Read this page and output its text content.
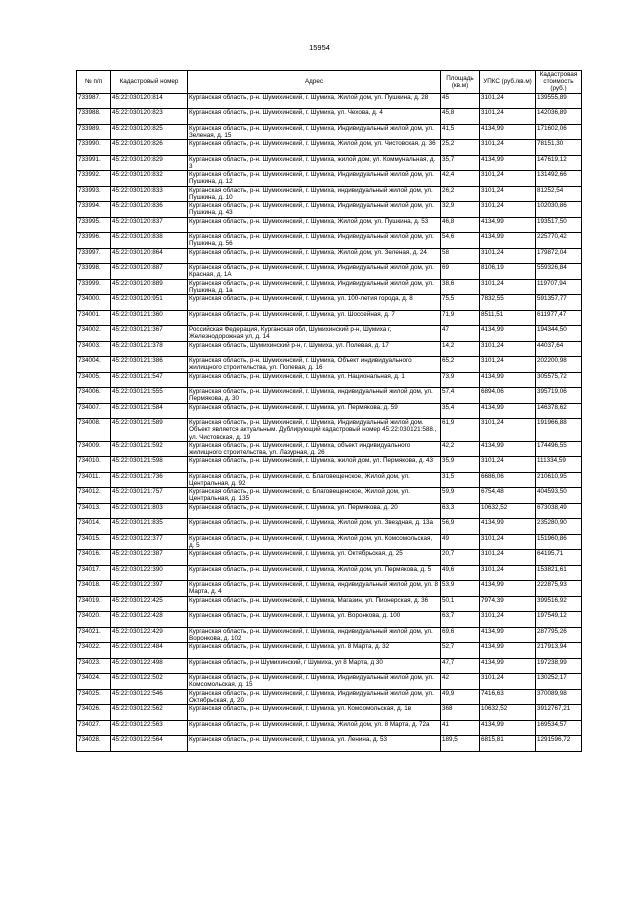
15954
№ п/п	Кадастровый номер	Адрес	Площадь (кв.м)	УПКС (руб./кв.м)	Кадастровая стоимость (руб.)
733987.	45:22:030120:814	Курганская область, р-н. Шумихинский, г. Шумиха, Жилой дом, ул. Пушкина, д. 28	45	3101,24	139555,89
733988.	45:22:030120:823	Курганская область, р-н. Шумихинский, г. Шумиха, ул. Чехова, д. 4	45,8	3101,24	142036,89
733989.	45:22:030120:825	Курганская область, р-н. Шумихинский, г. Шумиха, Индивидуальный жилой дом, ул. Зеленая, д. 15	41,5	4134,99	171602,06
733990.	45:22:030120:826	Курганская область, р-н. Шумихинский, г. Шумиха, Жилой дом, ул. Чистовская, д. 36	25,2	3101,24	78151,30
733991.	45:22:030120:829	Курганская область, р-н. Шумихинский, г. Шумиха, жилой дом, ул. Коммунальная, д. 3	35,7	4134,99	147619,12
733992.	45:22:030120:832	Курганская область, р-н. Шумихинский, г. Шумиха, Индивидуальный жилой дом, ул. Пушкина, д. 12	42,4	3101,24	131492,66
733993.	45:22:030120:833	Курганская область, р-н. Шумихинский, г. Шумиха, индивидуальный жилой дом, ул. Пушкина, д. 10	26,2	3101,24	81252,54
733994.	45:22:030120:836	Курганская область, р-н. Шумихинский, г. Шумиха, Индивидуальный жилой дом, ул. Пушкина, д. 43	32,9	3101,24	102030,86
733995.	45:22:030120:837	Курганская область, р-н. Шумихинский, г. Шумиха, Жилой дом, ул. Пушкина, д. 53	46,8	4134,99	193517,50
733996.	45:22:030120:838	Курганская область, р-н. Шумихинский, г. Шумиха, Индивидуальный жилой дом, ул. Пушкина, д. 56	54,6	4134,99	225770,42
733997.	45:22:030120:864	Курганская область, р-н. Шумихинский, г. Шумиха, Жилой дом, ул. Зеленая, д. 24	58	3101,24	179872,04
733998.	45:22:030120:887	Курганская область, р-н. Шумихинский, г. Шумиха, Индивидуальный жилой дом, ул. Красная, д. 1А	69	8106,19	559326,84
733999.	45:22:030120:889	Курганская область, р-н. Шумихинский, г. Шумиха, Индивидуальный жилой дом, ул. Пушкина, д. 1а	38,6	3101,24	119707,94
734000.	45:22:030120:951	Курганская область, р-н. Шумихинский, г. Шумиха, ул. 100-летия города, д. 8	75,5	7832,55	591357,77
734001.	45:22:030121:360	Курганская область, р-н. Шумихинский, г. Шумиха, ул. Шоссейная, д. 7	71,9	8511,51	611977,47
734002.	45:22:030121:367	Российская Федерация, Курганская обл, Шумихинский р-н, Шумиха г, Железнодорожная ул, д. 14	47	4134,99	194344,50
734003.	45:22:030121:378	Курганская область, Шумихинский р-н, г. Шумиха, ул. Полевая, д. 17	14,2	3101,24	44037,64
734004.	45:22:030121:386	Курганская область, р-н. Шумихинский, г. Шумиха, Объект индивидуального жилищного строительства, ул. Полевая, д. 16	65,2	3101,24	202200,98
734005.	45:22:030121:547	Курганская область, р-н. Шумихинский, г. Шумиха, ул. Национальная, д. 1	73,9	4134,99	305575,72
734006.	45:22:030121:555	Курганская область, р-н. Шумихинский, г. Шумиха, индивидуальный жилой дом, ул. Пермякова, д. 30	57,4	6894,06	395719,06
734007.	45:22:030121:584	Курганская область, р-н. Шумихинский, г. Шумиха, ул. Пермякова, д. 59	35,4	4134,99	146378,62
734008.	45:22:030121:589	Курганская область, р-н. Шумихинский, г. Шумиха, Индивидуальный жилой дом. Объект является актуальным. Дублирующий кадастровый номер 45:22:030121:588., ул. Чистовская, д. 19	61,9	3101,24	191966,88
734009.	45:22:030121:592	Курганская область, р-н. Шумихинский, г. Шумиха, объект индивидуального жилищного строительства, ул. Лазурная, д. 26	42,2	4134,99	174496,55
734010.	45:22:030121:598	Курганская область, р-н. Шумихинский, г. Шумиха, жилой дом, ул. Пермякова, д. 43	35,9	3101,24	111334,59
734011.	45:22:030121:736	Курганская область, р-н. Шумихинский, с. Благовещенское, Жилой дом, ул. Центральная, д. 92	31,5	6686,06	210610,95
734012.	45:22:030121:757	Курганская область, р-н. Шумихинский, с. Благовещенское, Жилой дом, ул. Центральная, д. 135	59,9	6754,48	404593,50
734013.	45:22:030121:803	Курганская область, р-н. Шумихинский, г. Шумиха, ул. Пермякова, д. 20	63,3	10632,52	673038,49
734014.	45:22:030121:835	Курганская область, р-н. Шумихинский, г. Шумиха, Жилой дом, ул. Звездная, д. 13а	56,9	4134,99	235280,90
734015.	45:22:030122:377	Курганская область, р-н. Шумихинский, г. Шумиха, Жилой дом, ул. Комсомольская, д. 5	49	3101,24	151960,86
734016.	45:22:030122:387	Курганская область, р-н. Шумихинский, г. Шумиха, ул. Октябрьская, д. 25	20,7	3101,24	64195,71
734017.	45:22:030122:390	Курганская область, р-н. Шумихинский, г. Шумиха, Жилой дом, ул. Пермякова, д. 5	49,6	3101,24	153821,61
734018.	45:22:030122:397	Курганская область, р-н. Шумихинский, г. Шумиха, индивидуальный жилой дом, ул. 8 Марта, д. 4	53,9	4134,99	222875,93
734019.	45:22:030122:425	Курганская область, р-н. Шумихинский, г. Шумиха, Магазин, ул. Пионерская, д. 36	50,1	7974,39	399516,92
734020.	45:22:030122:428	Курганская область, р-н. Шумихинский, г. Шумиха, ул. Воронкова, д. 100	63,7	3101,24	197549,12
734021.	45:22:030122:429	Курганская область, р-н. Шумихинский, г. Шумиха, индивидуальный жилой дом, ул. Воронкова, д. 102	69,6	4134,99	287795,26
734022.	45:22:030122:484	Курганская область, р-н. Шумихинский, г. Шумиха, ул. 8 Марта, д. 32	52,7	4134,99	217913,94
734023.	45:22:030122:498	Курганская область, р-н Шумихинский, г Шумиха, ул 8 Марта, д 30	47,7	4134,99	197238,99
734024.	45:22:030122:502	Курганская область, р-н. Шумихинский, г. Шумиха, Индивидуальный жилой дом, ул. Комсомольская, д. 15	42	3101,24	130252,17
734025.	45:22:030122:546	Курганская область, р-н. Шумихинский, г. Шумиха, Индивидуальный жилой дом, ул. Октябрьская, д. 20	49,9	7416,63	370089,98
734026.	45:22:030122:562	Курганская область, р-н. Шумихинский, г. Шумиха, ул. Комсомольская, д. 1в	368	10632,52	3912767,21
734027.	45:22:030122:563	Курганская область, р-н. Шумихинский, г. Шумиха, Жилой дом, ул. 8 Марта, д. 72а	41	4134,99	169534,57
734028.	45:22:030122:564	Курганская область, р-н. Шумихинский, г. Шумиха, ул. Ленина, д. 53	189,5	6815,81	1291596,72
